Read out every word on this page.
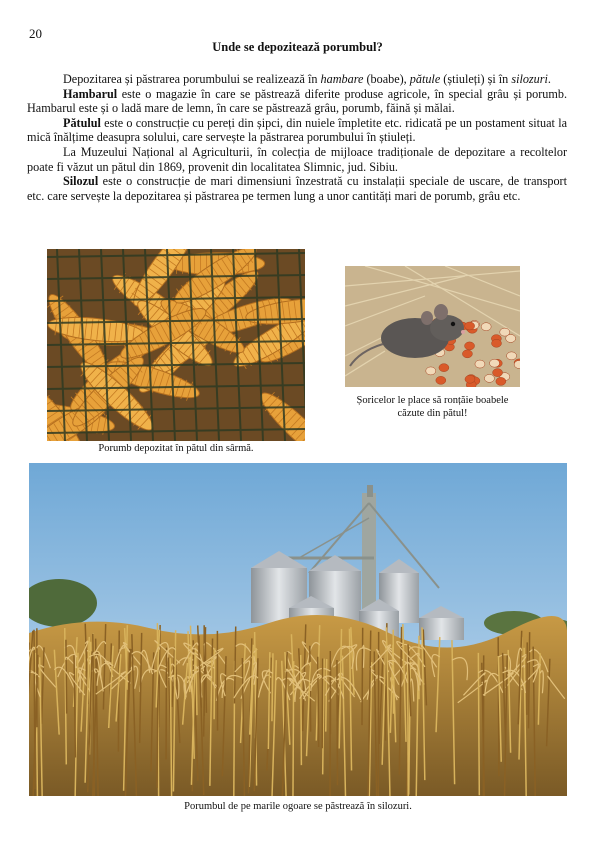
20
Unde se depozitează porumbul?

Depozitarea și păstrarea porumbului se realizează în hambare (boabe), pătule (știuleți) și în silozuri.

Hambarul este o magazie în care se păstrează diferite produse agricole, în special grâu și porumb. Hambarul este și o ladă mare de lemn, în care se păstrează grâu, porumb, făină și mălai.

Pătulul este o construcție cu pereți din șipci, din nuiele împletite etc. ridicată pe un postament situat la mică înălțime deasupra solului, care servește la păstrarea porumbului în știuleți.

La Muzeului Național al Agriculturii, în colecția de mijloace tradiționale de depozitare a recoltelor poate fi văzut un pătul din 1869, provenit din localitatea Slimnic, jud. Sibiu.

Silozul este o construcție de mari dimensiuni înzestrată cu instalații speciale de uscare, de transport etc. care servește la depozitarea și păstrarea pe termen lung a unor cantități mari de porumb, grâu etc.

Porumb depozitat în pătul din sârmă.
Șoricelor le place să ronțăie boabele căzute din pătul!
Porumbul de pe marile ogoare se păstrează în silozuri.
